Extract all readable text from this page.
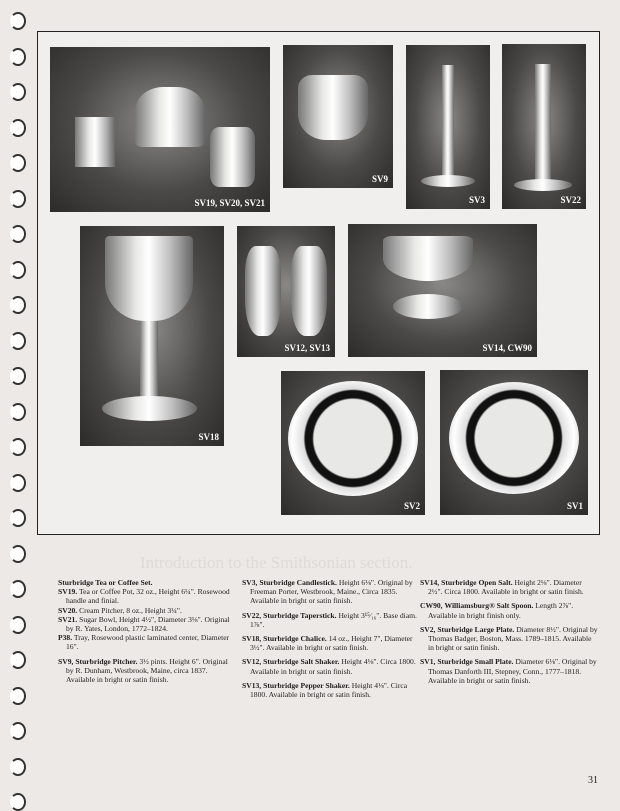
Introduction to the Smithsonian section.
SV19, SV20, SV21
SV9
SV3	SV22
SV18
SV12, SV13	SV14, CW90
SV2	SV1

Sturbridge Tea or Coffee Set.

SV19. Tea or Coffee Pot, 32 oz., Height 6¼". Rosewood handle and finial.

SV20. Cream Pitcher, 8 oz., Height 3¼".

SV21. Sugar Bowl, Height 4½", Diameter 3⅛". Original by R. Yates, London, 1772–1824.

P38. Tray, Rosewood plastic laminated center, Diameter 16".

SV9, Sturbridge Pitcher. 3½ pints. Height 6". Original by R. Dunham, Westbrook, Maine, circa 1837. Available in bright or satin finish.

SV3, Sturbridge Candlestick. Height 6⅛". Original by Freeman Porter, Westbrook, Maine., Circa 1835. Available in bright or satin finish.

SV22, Sturbridge Taperstick. Height 3¹⁵⁄₁₆". Base diam. 1⅞".

SV18, Sturbridge Chalice. 14 oz., Height 7", Diameter 3½". Available in bright or satin finish.

SV12, Sturbridge Salt Shaker. Height 4⅛". Circa 1800. Available in bright or satin finish.

SV13, Sturbridge Pepper Shaker. Height 4⅛". Circa 1800. Available in bright or satin finish.

SV14, Sturbridge Open Salt. Height 2⅛". Diameter 2½". Circa 1800. Available in bright or satin finish.

CW90, Williamsburg® Salt Spoon. Length 2⅞". Available in bright finish only.

SV2, Sturbridge Large Plate. Diameter 8½". Original by Thomas Badger, Boston, Mass. 1789–1815. Available in bright or satin finish.

SV1, Sturbridge Small Plate. Diameter 6⅛". Original by Thomas Danforth III, Stepney, Conn., 1777–1818. Available in bright or satin finish.

31
